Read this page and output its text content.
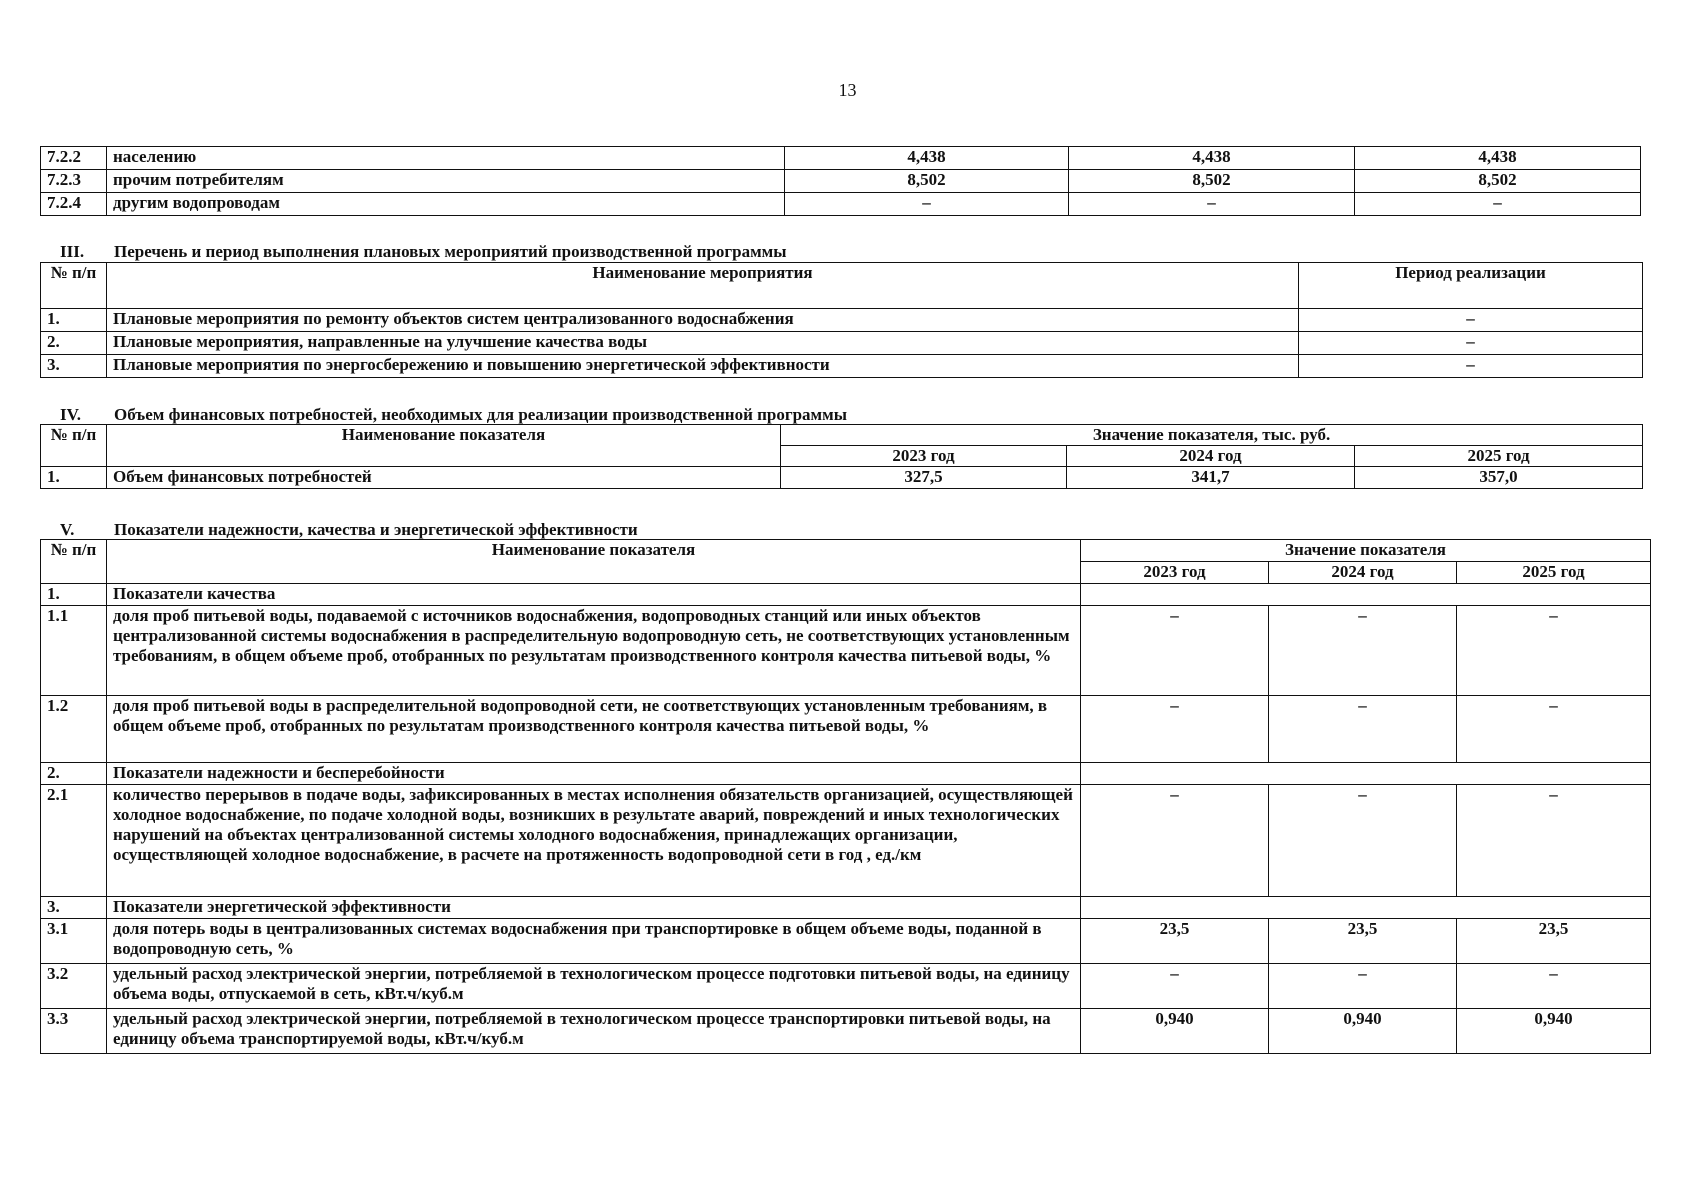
13
7.2.2	населению	4,438	4,438	4,438
7.2.3	прочим потребителям	8,502	8,502	8,502
7.2.4	другим водопроводам	–	–	–
III. Перечень и период выполнения плановых мероприятий производственной программы
№ п/п	Наименование мероприятия	Период реализации
1.	Плановые мероприятия по ремонту объектов систем централизованного водоснабжения	–
2.	Плановые мероприятия, направленные на улучшение качества воды	–
3.	Плановые мероприятия по энергосбережению и повышению энергетической эффективности	–
IV. Объем финансовых потребностей, необходимых для реализации производственной программы
№ п/п	Наименование показателя	Значение показателя, тыс. руб.		
		2023 год	2024 год	2025 год
1.	Объем финансовых потребностей	327,5	341,7	357,0
V. Показатели надежности, качества и энергетической эффективности
№ п/п	Наименование показателя	Значение показателя		
		2023 год	2024 год	2025 год
1.	Показатели качества			
1.1	доля проб питьевой воды, подаваемой с источников водоснабжения, водопроводных станций или иных объектов централизованной системы водоснабжения в распределительную водопроводную сеть, не соответствующих установленным требованиям, в общем объеме проб, отобранных по результатам производственного контроля качества питьевой воды, %	–	–	–
1.2	доля проб питьевой воды в распределительной водопроводной сети, не соответствующих установленным требованиям, в общем объеме проб, отобранных по результатам производственного контроля качества питьевой воды, %	–	–	–
2.	Показатели надежности и бесперебойности			
2.1	количество перерывов в подаче воды, зафиксированных в местах исполнения обязательств организацией, осуществляющей холодное водоснабжение, по подаче холодной воды, возникших в результате аварий, повреждений и иных технологических нарушений на объектах централизованной системы холодного водоснабжения, принадлежащих организации, осуществляющей холодное водоснабжение, в расчете на протяженность водопроводной сети в год , ед./км	–	–	–
3.	Показатели энергетической эффективности			
3.1	доля потерь воды в централизованных системах водоснабжения при транспортировке в общем объеме воды, поданной в водопроводную сеть, %	23,5	23,5	23,5
3.2	удельный расход электрической энергии, потребляемой в технологическом процессе подготовки питьевой воды, на единицу объема воды, отпускаемой в сеть, кВт.ч/куб.м	–	–	–
3.3	удельный расход электрической энергии, потребляемой в технологическом процессе транспортировки питьевой воды, на единицу объема транспортируемой воды, кВт.ч/куб.м	0,940	0,940	0,940
